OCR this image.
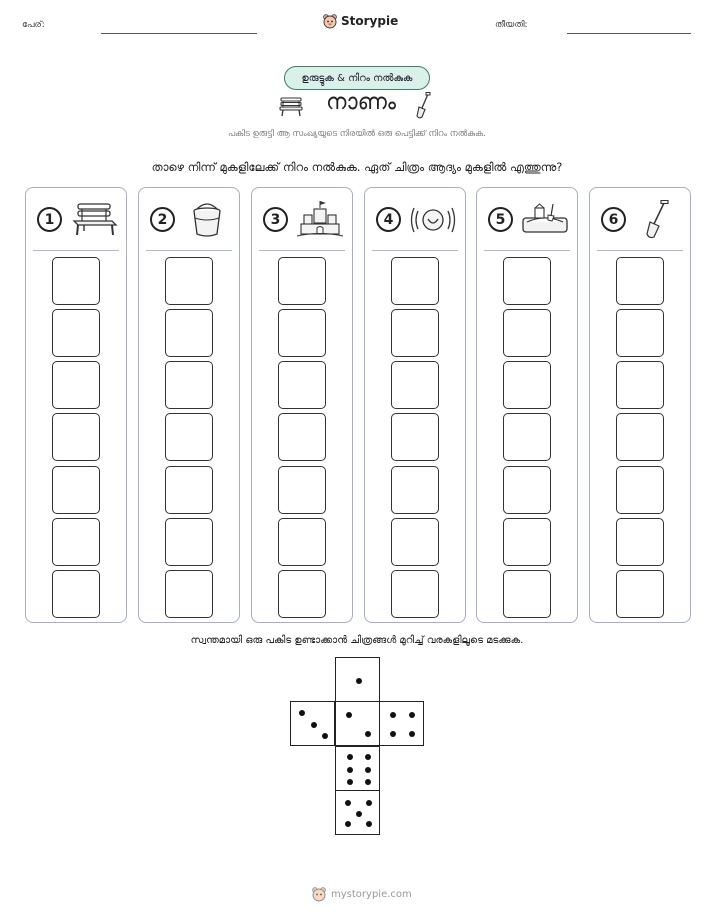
പേര്:	Storypie	തീയതി:
ഉരുട്ടുക & നിറം നൽകുക
നാണം
പകിട ഉരുട്ടി ആ സംഖ്യയുടെ നിരയിൽ ഒരു പെട്ടിക്ക് നിറം നൽകുക.
താഴെ നിന്ന് മുകളിലേക്ക് നിറം നൽകുക. ഏത് ചിത്രം ആദ്യം മുകളിൽ എത്തുന്നു?
1	2	3	4	5	6
സ്വന്തമായി ഒരു പകിട ഉണ്ടാക്കാൻ ചിത്രങ്ങൾ മുറിച്ച് വരകളിലൂടെ മടക്കുക.
mystorypie.com
